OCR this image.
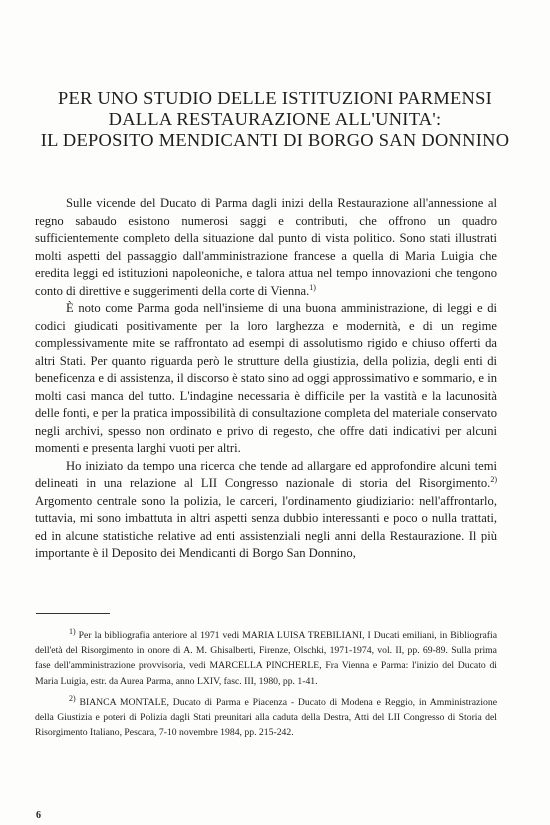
PER UNO STUDIO DELLE ISTITUZIONI PARMENSI
DALLA RESTAURAZIONE ALL'UNITA':
IL DEPOSITO MENDICANTI DI BORGO SAN DONNINO

Sulle vicende del Ducato di Parma dagli inizi della Restaurazione all'annessione al regno sabaudo esistono numerosi saggi e contributi, che offrono un quadro sufficientemente completo della situazione dal punto di vista politico. Sono stati illustrati molti aspetti del passaggio dall'amministrazione francese a quella di Maria Luigia che eredita leggi ed istituzioni napoleoniche, e talora attua nel tempo innovazioni che tengono conto di direttive e suggerimenti della corte di Vienna.$^{1)}$

È noto come Parma goda nell'insieme di una buona amministrazione, di leggi e di codici giudicati positivamente per la loro larghezza e modernità, e di un regime complessivamente mite se raffrontato ad esempi di assolutismo rigido e chiuso offerti da altri Stati. Per quanto riguarda però le strutture della giustizia, della polizia, degli enti di beneficenza e di assistenza, il discorso è stato sino ad oggi approssimativo e sommario, e in molti casi manca del tutto. L'indagine necessaria è difficile per la vastità e la lacunosità delle fonti, e per la pratica impossibilità di consultazione completa del materiale conservato negli archivi, spesso non ordinato e privo di regesto, che offre dati indicativi per alcuni momenti e presenta larghi vuoti per altri.

Ho iniziato da tempo una ricerca che tende ad allargare ed approfondire alcuni temi delineati in una relazione al LII Congresso nazionale di storia del Risorgimento.$^{2)}$ Argomento centrale sono la polizia, le carceri, l'ordinamento giudiziario: nell'affrontarlo, tuttavia, mi sono imbattuta in altri aspetti senza dubbio interessanti e poco o nulla trattati, ed in alcune statistiche relative ad enti assistenziali negli anni della Restaurazione. Il più importante è il Deposito dei Mendicanti di Borgo San Donnino,

$^{1)}$ Per la bibliografia anteriore al 1971 vedi MARIA LUISA TREBILIANI, I Ducati emiliani, in Bibliografia dell'età del Risorgimento in onore di A. M. Ghisalberti, Firenze, Olschki, 1971-1974, vol. II, pp. 69-89. Sulla prima fase dell'amministrazione provvisoria, vedi MARCELLA PINCHERLE, Fra Vienna e Parma: l'inizio del Ducato di Maria Luigia, estr. da Aurea Parma, anno LXIV, fasc. III, 1980, pp. 1-41.

$^{2)}$ BIANCA MONTALE, Ducato di Parma e Piacenza - Ducato di Modena e Reggio, in Amministrazione della Giustizia e poteri di Polizia dagli Stati preunitari alla caduta della Destra, Atti del LII Congresso di Storia del Risorgimento Italiano, Pescara, 7-10 novembre 1984, pp. 215-242.

6
